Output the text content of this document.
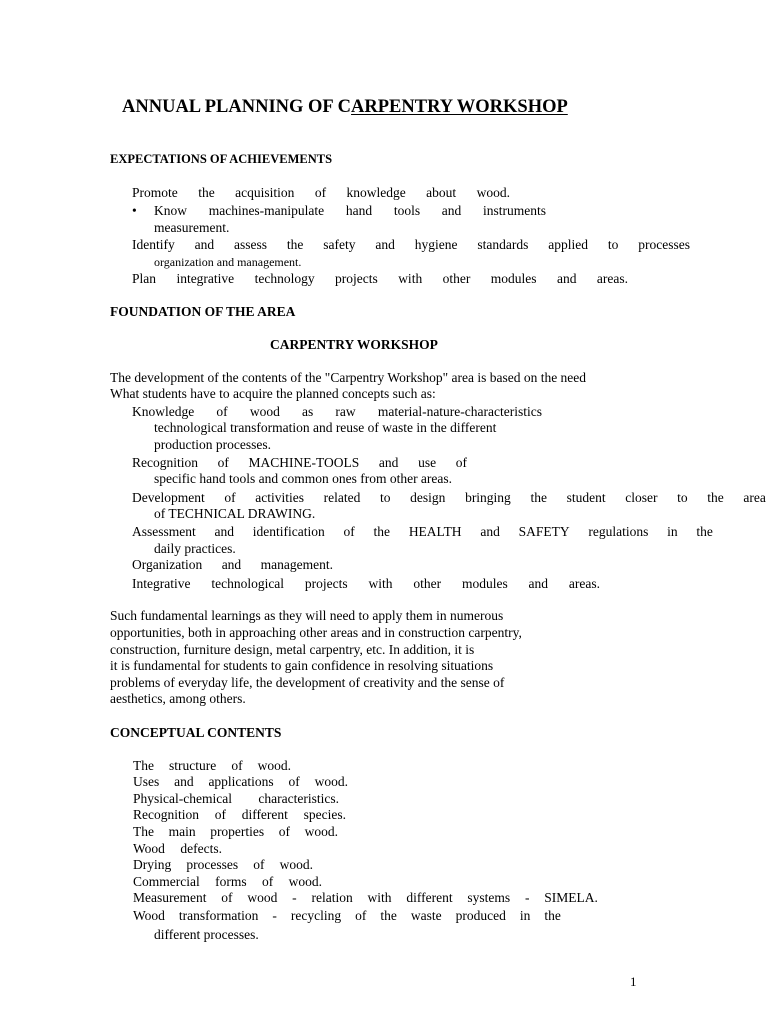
ANNUAL PLANNING OF CARPENTRY WORKSHOP
EXPECTATIONS OF ACHIEVEMENTS
Promote the acquisition of knowledge about wood.
• Know machines-manipulate hand tools and instruments
measurement.
Identify and assess the safety and hygiene standards applied to processes
organization and management.
Plan integrative technology projects with other modules and areas.
FOUNDATION OF THE AREA
CARPENTRY WORKSHOP
The development of the contents of the "Carpentry Workshop" area is based on the need
What students have to acquire the planned concepts such as:
Knowledge of wood as raw material-nature-characteristics
technological transformation and reuse of waste in the different
production processes.
Recognition of MACHINE-TOOLS and use of
specific hand tools and common ones from other areas.
Development of activities related to design bringing the student closer to the area
of TECHNICAL DRAWING.
Assessment and identification of the HEALTH and SAFETY regulations in the
daily practices.
Organization and management.
Integrative technological projects with other modules and areas.
Such fundamental learnings as they will need to apply them in numerous
opportunities, both in approaching other areas and in construction carpentry,
construction, furniture design, metal carpentry, etc. In addition, it is
it is fundamental for students to gain confidence in resolving situations
problems of everyday life, the development of creativity and the sense of
aesthetics, among others.
CONCEPTUAL CONTENTS
The structure of wood.
Uses and applications of wood.
Physical-chemical characteristics.
Recognition of different species.
The main properties of wood.
Wood defects.
Drying processes of wood.
Commercial forms of wood.
Measurement of wood - relation with different systems - SIMELA.
Wood transformation - recycling of the waste produced in the
different processes.
1
